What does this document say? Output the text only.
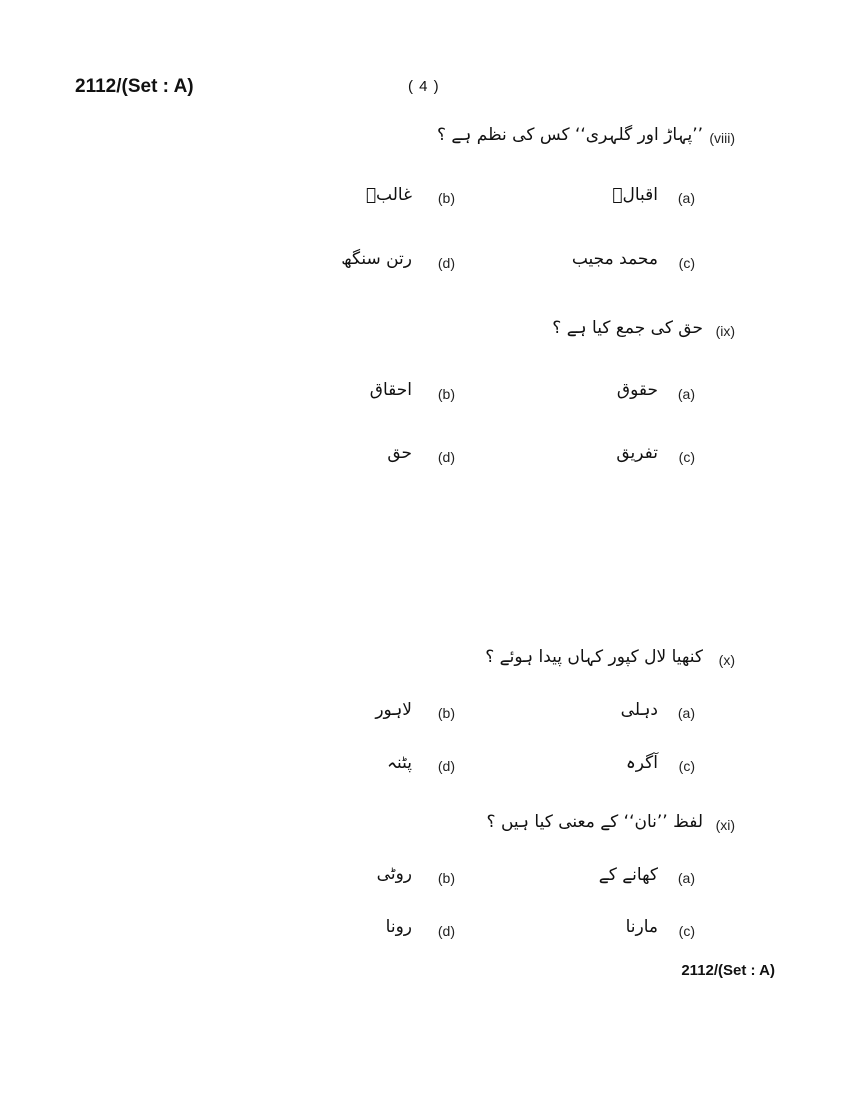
2112/(Set : A)	( 4 )
(viii)
’’پہاڑ اور گلہری‘‘ کس کی نظم ہے ؟
(a)
اقبالؔ
(b)
غالبؔ
(c)
محمد مجیب
(d)
رتن سنگھ
(ix)
حق کی جمع کیا ہے ؟
(a)
حقوق
(b)
احقاق
(c)
تفریق
(d)
حق
(x)
کنھیا لال کپور کہاں پیدا ہوئے ؟
(a)
دہلی
(b)
لاہور
(c)
آگرہ
(d)
پٹنہ
(xi)
لفظ ’’نان‘‘ کے معنی کیا ہیں ؟
(a)
کھانے کے
(b)
روٹی
(c)
مارنا
(d)
رونا
2112/(Set : A)
